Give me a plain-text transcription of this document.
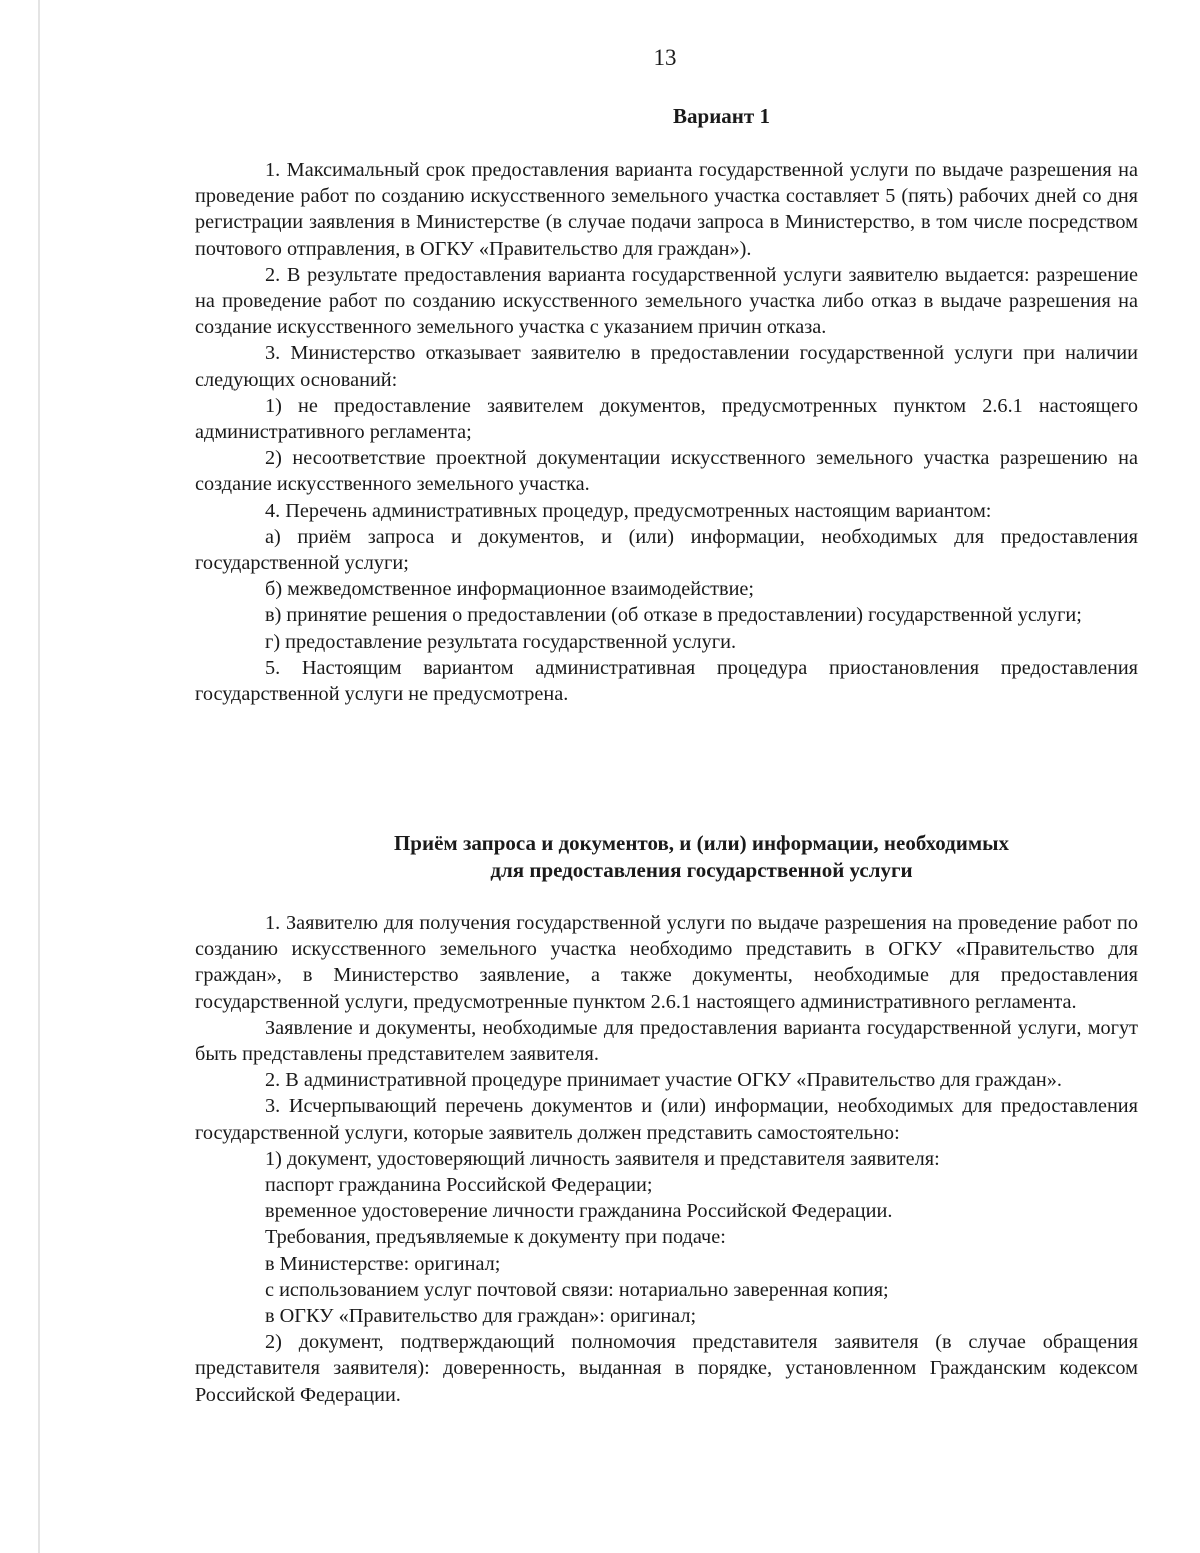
13
Вариант 1

1. Максимальный срок предоставления варианта государственной услуги по выдаче разрешения на проведение работ по созданию искусственного земельного участка составляет 5 (пять) рабочих дней со дня регистрации заявления в Министерстве (в случае подачи запроса в Министерство, в том числе посредством почтового отправления, в ОГКУ «Правительство для граждан»).

2. В результате предоставления варианта государственной услуги заявителю выдается: разрешение на проведение работ по созданию искусственного земельного участка либо отказ в выдаче разрешения на создание искусственного земельного участка с указанием причин отказа.

3. Министерство отказывает заявителю в предоставлении государственной услуги при наличии следующих оснований:

1) не предоставление заявителем документов, предусмотренных пунктом 2.6.1 настоящего административного регламента;

2) несоответствие проектной документации искусственного земельного участка разрешению на создание искусственного земельного участка.

4. Перечень административных процедур, предусмотренных настоящим вариантом:

а) приём запроса и документов, и (или) информации, необходимых для предоставления государственной услуги;

б) межведомственное информационное взаимодействие;

в) принятие решения о предоставлении (об отказе в предоставлении) государственной услуги;

г) предоставление результата государственной услуги.

5. Настоящим вариантом административная процедура приостановления предоставления государственной услуги не предусмотрена.

Приём запроса и документов, и (или) информации, необходимых
для предоставления государственной услуги

1. Заявителю для получения государственной услуги по выдаче разрешения на проведение работ по созданию искусственного земельного участка необходимо представить в ОГКУ «Правительство для граждан», в Министерство заявление, а также документы, необходимые для предоставления государственной услуги, предусмотренные пунктом 2.6.1 настоящего административного регламента.

Заявление и документы, необходимые для предоставления варианта государственной услуги, могут быть представлены представителем заявителя.

2. В административной процедуре принимает участие ОГКУ «Правительство для граждан».

3. Исчерпывающий перечень документов и (или) информации, необходимых для предоставления государственной услуги, которые заявитель должен представить самостоятельно:

1) документ, удостоверяющий личность заявителя и представителя заявителя:

паспорт гражданина Российской Федерации;

временное удостоверение личности гражданина Российской Федерации.

Требования, предъявляемые к документу при подаче:

в Министерстве: оригинал;

с использованием услуг почтовой связи: нотариально заверенная копия;

в ОГКУ «Правительство для граждан»: оригинал;

2) документ, подтверждающий полномочия представителя заявителя (в случае обращения представителя заявителя): доверенность, выданная в порядке, установленном Гражданским кодексом Российской Федерации.
